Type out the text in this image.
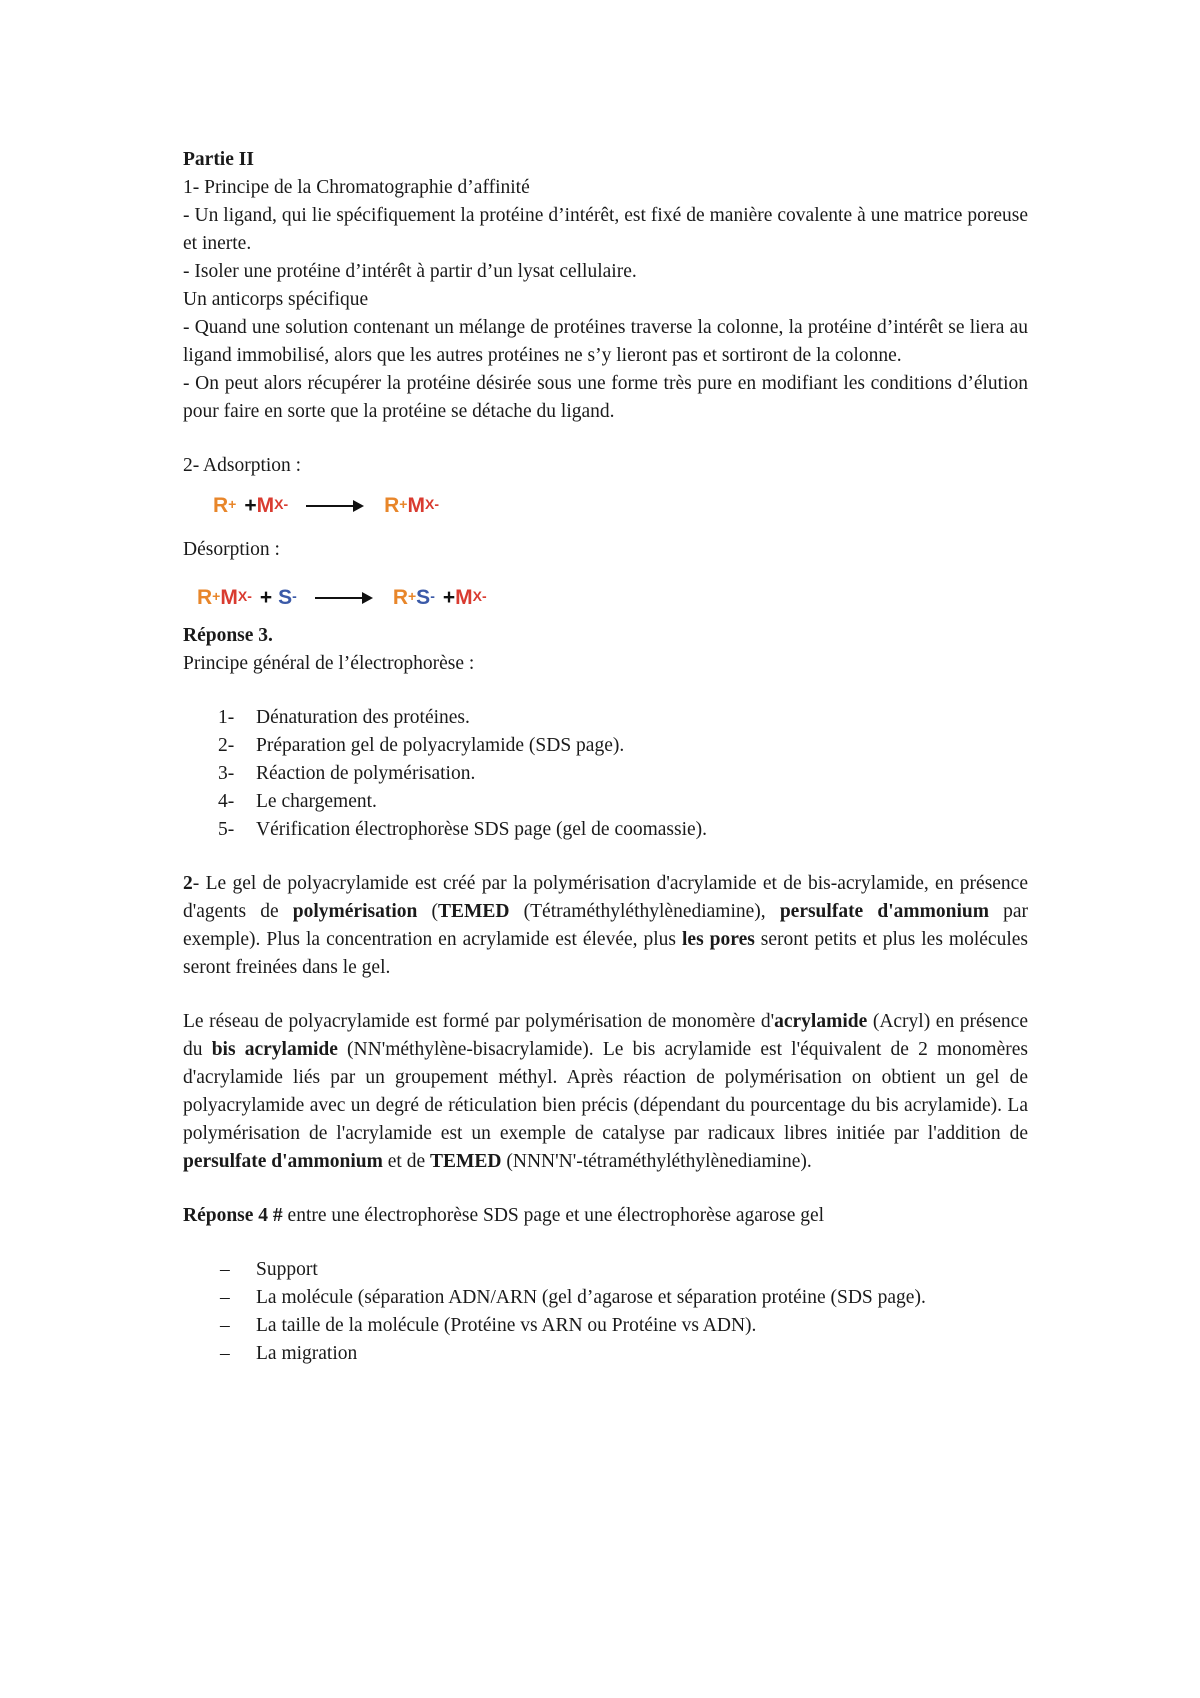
Partie II

1- Principe de la Chromatographie d’affinité

- Un ligand, qui lie spécifiquement la protéine d’intérêt, est fixé de manière covalente à une matrice poreuse et inerte.

- Isoler une protéine d’intérêt à partir d’un lysat cellulaire.

Un anticorps spécifique

- Quand une solution contenant un mélange de protéines traverse la colonne, la protéine d’intérêt se liera au ligand immobilisé, alors que les autres protéines ne s’y lieront pas et sortiront de la colonne.

- On peut alors récupérer la protéine désirée sous une forme très pure en modifiant les conditions d’élution pour faire en sorte que la protéine se détache du ligand.

2- Adsorption :

$R^+ + M^{X-} \to R^+$ $M^{X-}$

Désorption :

R+ $M^{X-} + S^- \to R^+$ $S^- + M^{X-}$

Réponse 3.

Principe général de l’électrophorèse :

1-	Dénaturation des protéines.
2-	Préparation gel de polyacrylamide (SDS page).
3-	Réaction de polymérisation.
4-	Le chargement.
5-	Vérification électrophorèse SDS page (gel de coomassie).

2- Le gel de polyacrylamide est créé par la polymérisation d'acrylamide et de bis-acrylamide, en présence d'agents de polymérisation (TEMED (Tétraméthyléthylènediamine), persulfate d'ammonium par exemple). Plus la concentration en acrylamide est élevée, plus les pores seront petits et plus les molécules seront freinées dans le gel.

Le réseau de polyacrylamide est formé par polymérisation de monomère d'acrylamide (Acryl) en présence du bis acrylamide (NN'méthylène-bisacrylamide). Le bis acrylamide est l'équivalent de 2 monomères d'acrylamide liés par un groupement méthyl. Après réaction de polymérisation on obtient un gel de polyacrylamide avec un degré de réticulation bien précis (dépendant du pourcentage du bis acrylamide). La polymérisation de l'acrylamide est un exemple de catalyse par radicaux libres initiée par l'addition de persulfate d'ammonium et de TEMED (NNN'N'-tétraméthyléthylènediamine).

Réponse 4 # entre une électrophorèse SDS page et une électrophorèse agarose gel

–	Support
–	La molécule (séparation ADN/ARN (gel d’agarose et séparation protéine (SDS page).
–	La taille de la molécule (Protéine vs ARN ou Protéine vs ADN).
–	La migration
